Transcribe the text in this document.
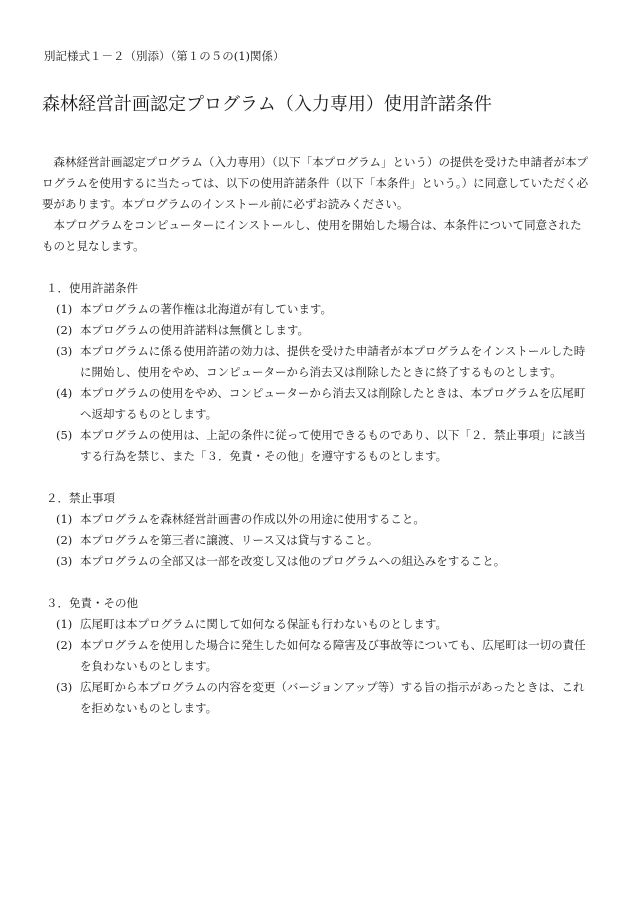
別記様式１－２（別添）（第１の５の(1)関係）
森林経営計画認定プログラム（入力専用）使用許諾条件

森林経営計画認定プログラム（入力専用）（以下「本プログラム」という）の提供を受けた申請者が本プログラムを使用するに当たっては、以下の使用許諾条件（以下「本条件」という。）に同意していただく必要があります。本プログラムのインストール前に必ずお読みください。

本プログラムをコンピューターにインストールし、使用を開始した場合は、本条件について同意されたものと見なします。

１．使用許諾条件
(1) 本プログラムの著作権は北海道が有しています。

(2) 本プログラムの使用許諾料は無償とします。

(3) 本プログラムに係る使用許諾の効力は、提供を受けた申請者が本プログラムをインストールした時に開始し、使用をやめ、コンピューターから消去又は削除したときに終了するものとします。

(4) 本プログラムの使用をやめ、コンピューターから消去又は削除したときは、本プログラムを広尾町へ返却するものとします。

(5) 本プログラムの使用は、上記の条件に従って使用できるものであり、以下「２．禁止事項」に該当する行為を禁じ、また「３．免責・その他」を遵守するものとします。

２．禁止事項
(1) 本プログラムを森林経営計画書の作成以外の用途に使用すること。

(2) 本プログラムを第三者に譲渡、リース又は貸与すること。

(3) 本プログラムの全部又は一部を改変し又は他のプログラムへの組込みをすること。

３．免責・その他
(1) 広尾町は本プログラムに関して如何なる保証も行わないものとします。

(2) 本プログラムを使用した場合に発生した如何なる障害及び事故等についても、広尾町は一切の責任を負わないものとします。

(3) 広尾町から本プログラムの内容を変更（バージョンアップ等）する旨の指示があったときは、これを拒めないものとします。
